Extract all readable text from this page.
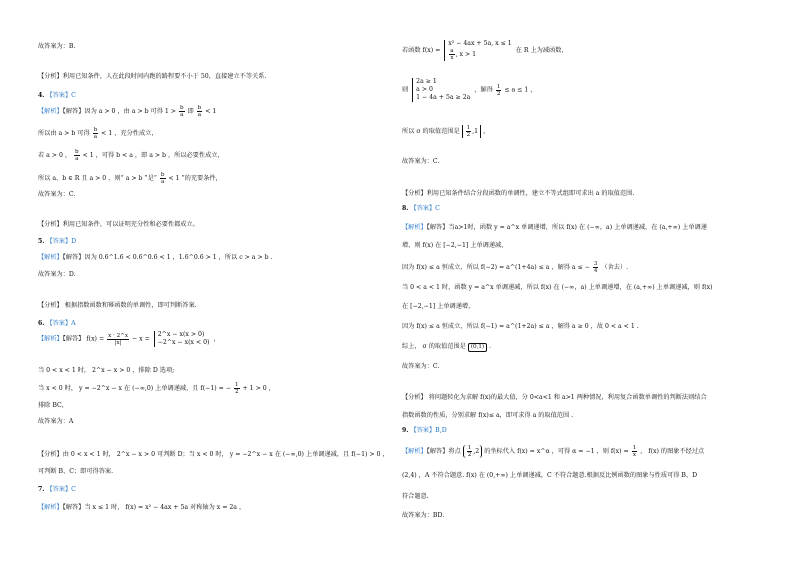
故答案为：B.
【分析】利用已知条件，人在此段时间内跑的路程要不小于 50，直接建立不等关系.
4. 【答案】C
【解析】【解答】因为 a > 0 ，由 a > b 可得 $1 > \frac{b}{a}$ 即 $\frac{b}{a} < 1$
所以由 a > b 可得 $\frac{b}{a} < 1$ ，充分性成立，
若 a > 0 ， $\frac{b}{a} < 1$ ，可得 b < a ，即 a > b ，所以必要性成立，
所以 a、b ∈ R 且 a > 0 ，则“ a > b ”是“ $\frac{b}{a} < 1$ ”的充要条件，
故答案为：C.
【分析】利用已知条件，可以证明充分性和必要性都成立。
5. 【答案】D
【解析】【解答】因为 0.6^1.6 < 0.6^0.6 < 1 ，1.6^0.6 > 1 ，所以 c > a > b .
故答案为：D.
【分析】 根据指数函数和幂函数的单调性，即可判断答案.
6. 【答案】A
【解析】【解答】 $f(x) = \frac{x \cdot 2\^{}x}{|x|} - x$ =
2^x − x(x > 0)
−2^x − x(x < 0) ，
当 0 < x < 1 时， 2^x − x > 0 ，排除 D 选项;
当 x < 0 时， y = −2^x − x 在 (−∞,0) 上单调递减，且 f(−1) = − $\frac{1}{2} + 1 > 0$ ，
排除 BC，
故答案为：A
【分析】由 0 < x < 1 时， 2^x − x > 0 可判断 D；当 x < 0 时， y = −2^x − x 在 (−∞,0) 上单调递减，且 f(−1) > 0 ，
可判断 B、C；即可得答案.
7. 【答案】C
【解析】【解答】当 x ≤ 1 时， f(x) = x² − 4ax + 5a 对称轴为 x = 2a ，
若函数 f(x) =
x² − 4ax + 5a, x ≤ 1
$\frac{a}{x}$ , x > 1
在 R 上为减函数，
则
2a ≥ 1
a > 0
1 − 4a + 5a ≥ 2a
，解得 $\frac{1}{2} \le a \le 1$ ，
所以 σ 的取值范围是 $\frac{1}{2} ,1$ ，
故答案为：C.
【分析】利用已知条件结合分段函数的单调性，建立不等式组即可求出 a 的取值范围.
8. 【答案】C
【解析】【解答】当a>1时，函数 y = a^x 单调递增，所以 f(x) 在 (−∞，a) 上单调递减，在 (a,+∞) 上单调递
增，则 f(x) 在 [−2,−1] 上单调递减，
因为 f(x) ≤ a 恒成立，所以 f(−2) = a^(1+4a) ≤ a ，解得 a ≤ − $\frac{3}{4}$ （舍去）.
当 0 < a < 1 时，函数 y = a^x 单调递减，所以 f(x) 在 (−∞，a) 上单调递增，在 (a,+∞) 上单调递减，则 f(x)
在 [−2,−1] 上单调递增，
因为 f(x) ≤ a 恒成立，所以 f(−1) = a^(1+2a) ≤ a ，解得 a ≥ 0 ，故 0 < a < 1 .
综上， σ 的取值范围是 (0,1) .
故答案为：C.
【分析】 将问题转化为求解 f(x)的最大值，分 0<a<1 和 a>1 两种情况，利用复合函数单调性的判断法则结合
指数函数的性质，分别求解 f(x)≤ a，即可求得 a 的取值范围 .
9. 【答案】B,D
【解析】【解答】将点 $\frac{1}{2} ,2$ 的坐标代入 f(x) = x^α ，可得 α = −1 ，则 $f(x) = \frac{1}{x}$ ， f(x) 的图象不经过点
(2,4) ，A 不符合题意. f(x) 在 (0,+∞) 上单调递减，C 不符合题意.根据反比例函数的图象与性质可得 B、D
符合题意.
故答案为：BD.
